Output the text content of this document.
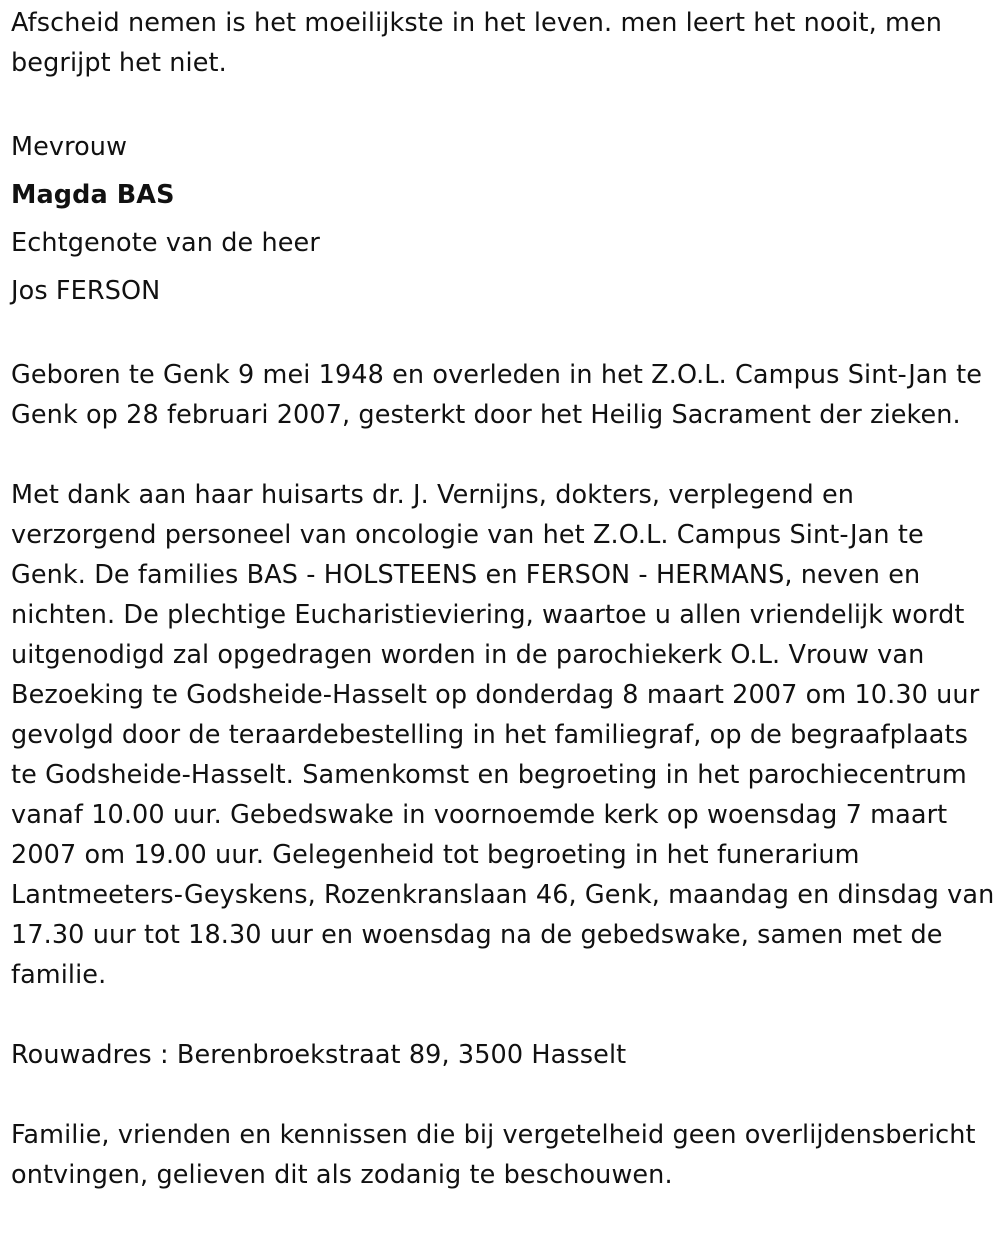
Afscheid nemen is het moeilijkste in het leven. men leert het nooit, men begrijpt het niet.

Mevrouw

Magda BAS

Echtgenote van de heer

Jos FERSON

Geboren te Genk 9 mei 1948 en overleden in het Z.O.L. Campus Sint-Jan te Genk op 28 februari 2007, gesterkt door het Heilig Sacrament der zieken.

Met dank aan haar huisarts dr. J. Vernijns, dokters, verplegend en verzorgend personeel van oncologie van het Z.O.L. Campus Sint-Jan te Genk. De families BAS - HOLSTEENS en FERSON - HERMANS, neven en nichten. De plechtige Eucharistieviering, waartoe u allen vriendelijk wordt uitgenodigd zal opgedragen worden in de parochiekerk O.L. Vrouw van Bezoeking te Godsheide-Hasselt op donderdag 8 maart 2007 om 10.30 uur gevolgd door de teraardebestelling in het familiegraf, op de begraafplaats te Godsheide-Hasselt. Samenkomst en begroeting in het parochiecentrum vanaf 10.00 uur. Gebedswake in voornoemde kerk op woensdag 7 maart 2007 om 19.00 uur. Gelegenheid tot begroeting in het funerarium Lantmeeters-Geyskens, Rozenkranslaan 46, Genk, maandag en dinsdag van 17.30 uur tot 18.30 uur en woensdag na de gebedswake, samen met de familie.

Rouwadres : Berenbroekstraat 89, 3500 Hasselt

Familie, vrienden en kennissen die bij vergetelheid geen overlijdensbericht ontvingen, gelieven dit als zodanig te beschouwen.
